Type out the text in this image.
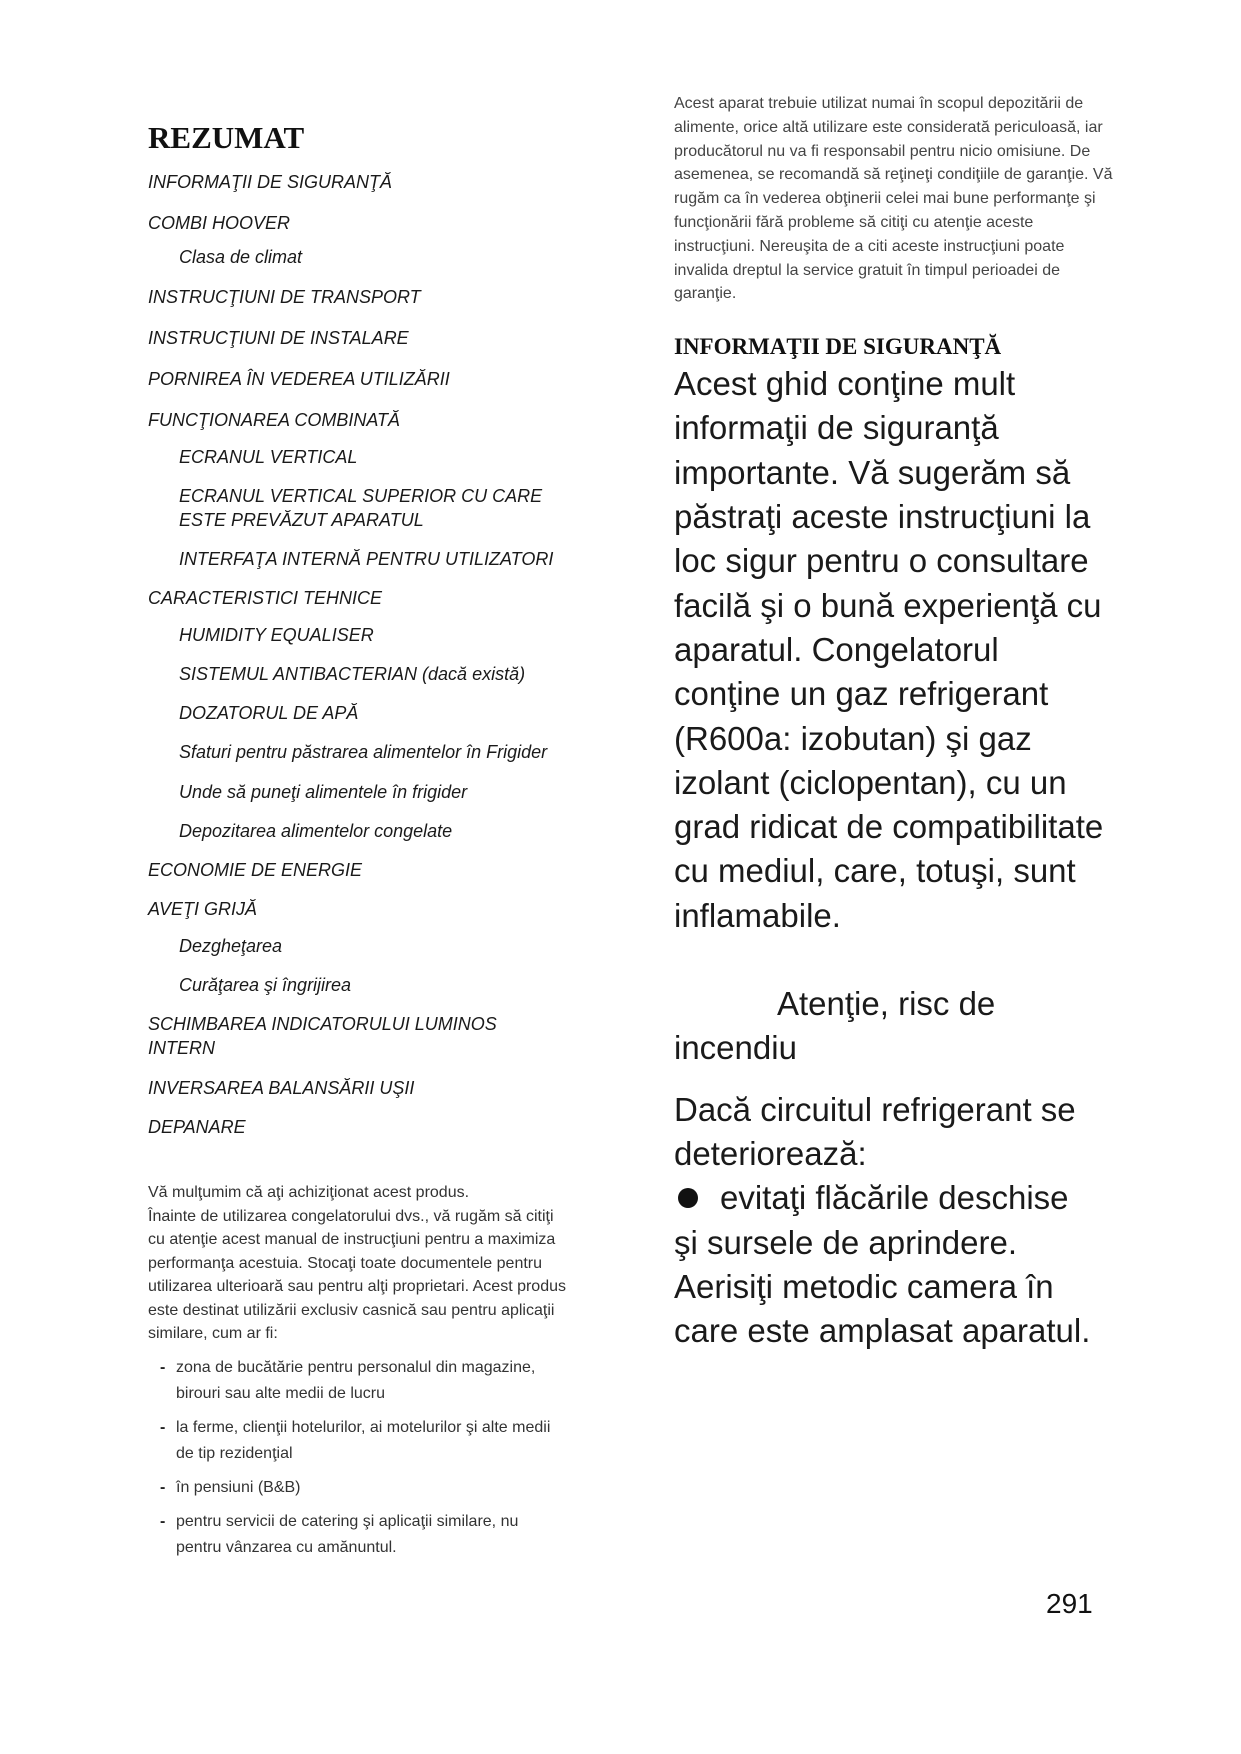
REZUMAT
INFORMAŢII DE SIGURANŢĂ
COMBI HOOVER
Clasa de climat
INSTRUCŢIUNI DE TRANSPORT
INSTRUCŢIUNI DE INSTALARE
PORNIREA ÎN VEDEREA UTILIZĂRII
FUNCŢIONAREA COMBINATĂ
ECRANUL VERTICAL
ECRANUL VERTICAL SUPERIOR CU CARE ESTE PREVĂZUT APARATUL
INTERFAŢA INTERNĂ PENTRU UTILIZATORI
CARACTERISTICI TEHNICE
HUMIDITY EQUALISER
SISTEMUL ANTIBACTERIAN (dacă există)
DOZATORUL DE APĂ
Sfaturi pentru păstrarea alimentelor în Frigider
Unde să puneţi alimentele în frigider
Depozitarea alimentelor congelate
ECONOMIE DE ENERGIE
AVEŢI GRIJĂ
Dezgheţarea
Curăţarea şi îngrijirea
SCHIMBAREA INDICATORULUI LUMINOS INTERN
INVERSAREA BALANSĂRII UŞII
DEPANARE

Vă mulţumim că aţi achiziţionat acest produs.

Înainte de utilizarea congelatorului dvs., vă rugăm să citiţi cu atenţie acest manual de instrucţiuni pentru a maximiza performanţa acestuia. Stocaţi toate documentele pentru utilizarea ulterioară sau pentru alţi proprietari. Acest produs este destinat utilizării exclusiv casnică sau pentru aplicaţii similare, cum ar fi:

- zona de bucătărie pentru personalul din magazine, birouri sau alte medii de lucru
- la ferme, clienţii hotelurilor, ai motelurilor şi alte medii de tip rezidenţial
- în pensiuni (B&B)
- pentru servicii de catering şi aplicaţii similare, nu pentru vânzarea cu amănuntul.

Acest aparat trebuie utilizat numai în scopul depozitării de alimente, orice altă utilizare este considerată periculoasă, iar producătorul nu va fi responsabil pentru nicio omisiune. De asemenea, se recomandă să reţineţi condiţiile de garanţie. Vă rugăm ca în vederea obţinerii celei mai bune performanţe şi funcţionării fără probleme să citiţi cu atenţie aceste instrucţiuni. Nereuşita de a citi aceste instrucţiuni poate invalida dreptul la service gratuit în timpul perioadei de garanţie.

INFORMAŢII DE SIGURANŢĂ

Acest ghid conţine mult informaţii de siguranţă importante. Vă sugerăm să păstraţi aceste instrucţiuni la loc sigur pentru o consultare facilă şi o bună experienţă cu aparatul. Congelatorul conţine un gaz refrigerant (R600a: izobutan) şi gaz izolant (ciclopentan), cu un grad ridicat de compatibilitate cu mediul, care, totuşi, sunt inflamabile.

Atenţie, risc de

incendiu

Dacă circuitul refrigerant se deteriorează:

evitaţi flăcările deschise

şi sursele de aprindere. Aerisiţi metodic camera în care este amplasat aparatul.

291
